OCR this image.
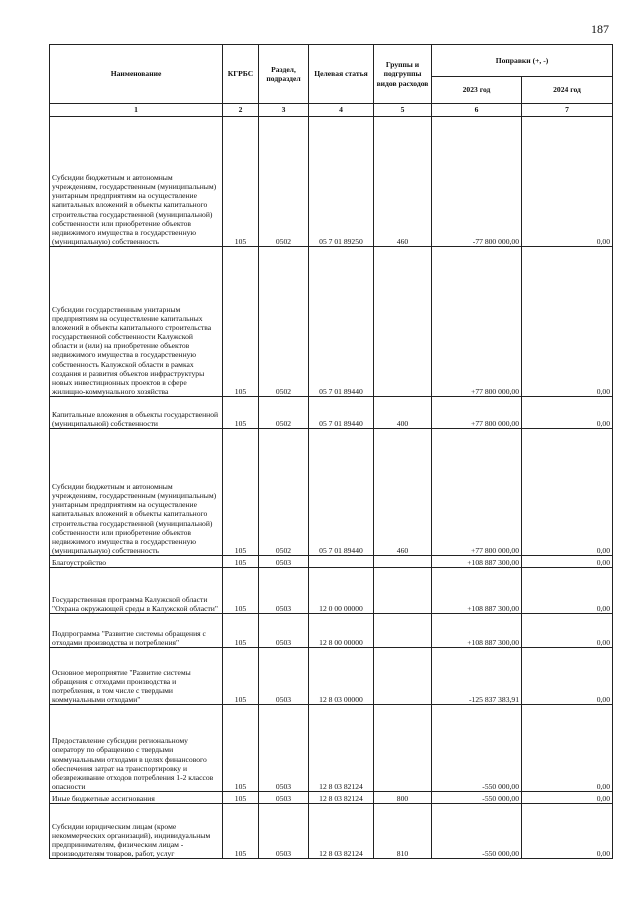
187
Наименование	КГРБС	Раздел, подраздел	Целевая статья	Группы и подгруппы видов расходов	Поправки (+, -)	
					2023 год	2024 год
1	2	3	4	5	6	7
Субсидии бюджетным и автономным учреждениям, государственным (муниципальным) унитарным предприятиям на осуществление капитальных вложений в объекты капитального строительства государственной (муниципальной) собственности или приобретение объектов недвижимого имущества в государственную (муниципальную) собственность	105	0502	05 7 01 89250	460	-77 800 000,00	0,00
Субсидии государственным унитарным предприятиям на осуществление капитальных вложений в объекты капитального строительства государственной собственности Калужской области и (или) на приобретение объектов недвижимого имущества в государственную собственность Калужской области в рамках создания и развития объектов инфраструктуры новых инвестиционных проектов в сфере жилищно-коммунального хозяйства	105	0502	05 7 01 89440		+77 800 000,00	0,00
Капитальные вложения в объекты государственной (муниципальной) собственности	105	0502	05 7 01 89440	400	+77 800 000,00	0,00
Субсидии бюджетным и автономным учреждениям, государственным (муниципальным) унитарным предприятиям на осуществление капитальных вложений в объекты капитального строительства государственной (муниципальной) собственности или приобретение объектов недвижимого имущества в государственную (муниципальную) собственность	105	0502	05 7 01 89440	460	+77 800 000,00	0,00
Благоустройство	105	0503			+108 887 300,00	0,00
Государственная программа Калужской области "Охрана окружающей среды в Калужской области"	105	0503	12 0 00 00000		+108 887 300,00	0,00
Подпрограмма "Развитие системы обращения с отходами производства и потребления"	105	0503	12 8 00 00000		+108 887 300,00	0,00
Основное мероприятие "Развитие системы обращения с отходами производства и потребления, в том числе с твердыми коммунальными отходами"	105	0503	12 8 03 00000		-125 837 383,91	0,00
Предоставление субсидии региональному оператору по обращению с твердыми коммунальными отходами в целях финансового обеспечения затрат на транспортировку и обезвреживание отходов потребления 1-2 классов опасности	105	0503	12 8 03 82124		-550 000,00	0,00
Иные бюджетные ассигнования	105	0503	12 8 03 82124	800	-550 000,00	0,00
Субсидии юридическим лицам (кроме некоммерческих организаций), индивидуальным предпринимателям, физическим лицам - производителям товаров, работ, услуг	105	0503	12 8 03 82124	810	-550 000,00	0,00
